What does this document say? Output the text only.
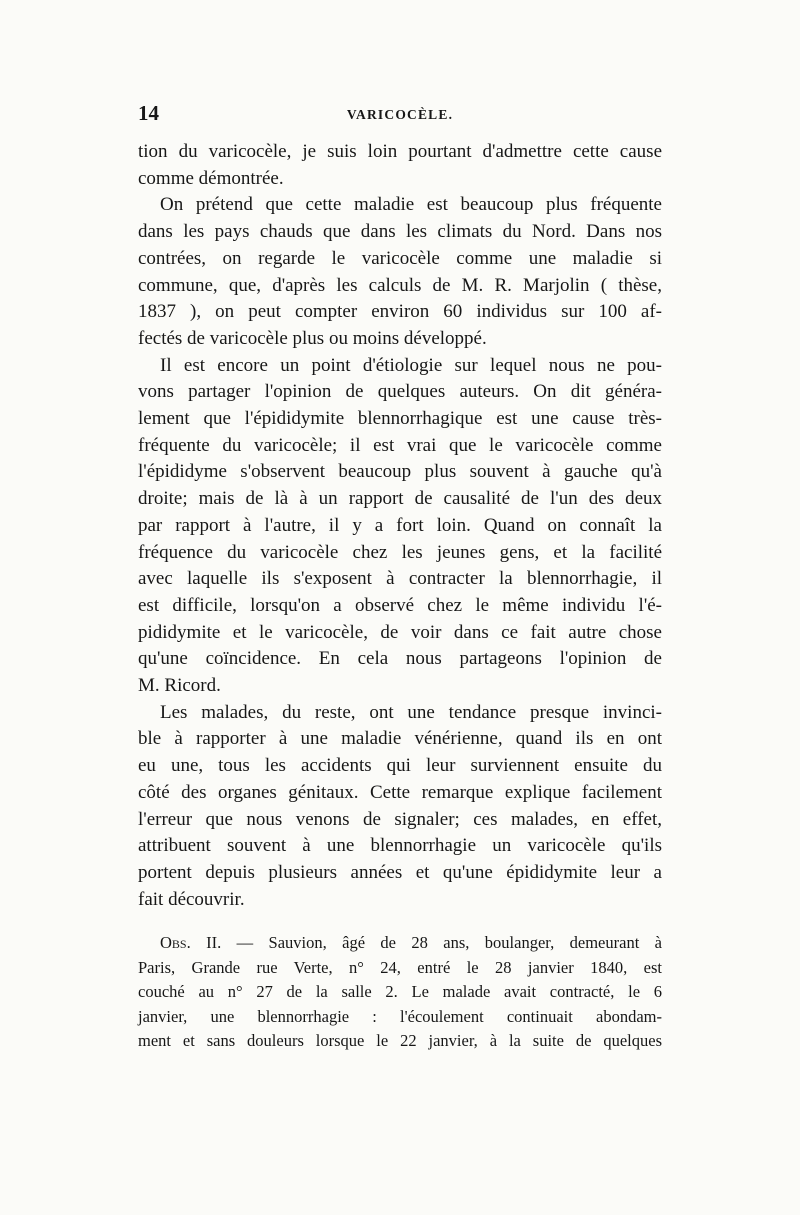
14	VARICOCÈLE.
tion du varicocèle, je suis loin pourtant d'admettre cette cause
comme démontrée.
On prétend que cette maladie est beaucoup plus fréquente
dans les pays chauds que dans les climats du Nord. Dans nos
contrées, on regarde le varicocèle comme une maladie si
commune, que, d'après les calculs de M. R. Marjolin ( thèse,
1837 ), on peut compter environ 60 individus sur 100 af-
fectés de varicocèle plus ou moins développé.
Il est encore un point d'étiologie sur lequel nous ne pou-
vons partager l'opinion de quelques auteurs. On dit généra-
lement que l'épididymite blennorrhagique est une cause très-
fréquente du varicocèle; il est vrai que le varicocèle comme
l'épididyme s'observent beaucoup plus souvent à gauche qu'à
droite; mais de là à un rapport de causalité de l'un des deux
par rapport à l'autre, il y a fort loin. Quand on connaît la
fréquence du varicocèle chez les jeunes gens, et la facilité
avec laquelle ils s'exposent à contracter la blennorrhagie, il
est difficile, lorsqu'on a observé chez le même individu l'é-
pididymite et le varicocèle, de voir dans ce fait autre chose
qu'une coïncidence. En cela nous partageons l'opinion de
M. Ricord.
Les malades, du reste, ont une tendance presque invinci-
ble à rapporter à une maladie vénérienne, quand ils en ont
eu une, tous les accidents qui leur surviennent ensuite du
côté des organes génitaux. Cette remarque explique facilement
l'erreur que nous venons de signaler; ces malades, en effet,
attribuent souvent à une blennorrhagie un varicocèle qu'ils
portent depuis plusieurs années et qu'une épididymite leur a
fait découvrir.
Obs. II. — Sauvion, âgé de 28 ans, boulanger, demeurant à
Paris, Grande rue Verte, n° 24, entré le 28 janvier 1840, est
couché au n° 27 de la salle 2. Le malade avait contracté, le 6
janvier, une blennorrhagie : l'écoulement continuait abondam-
ment et sans douleurs lorsque le 22 janvier, à la suite de quelques
